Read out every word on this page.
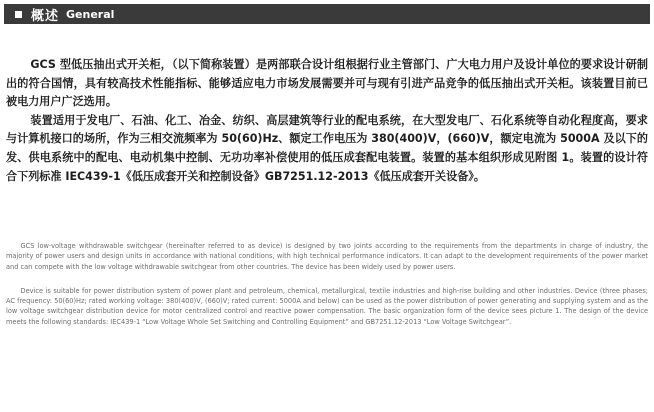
概述 General

GCS 型低压抽出式开关柜，（以下简称装置）是两部联合设计组根据行业主管部门、广大电力用户及设计单位的要求设计研制出的符合国情，具有较高技术性能指标、能够适应电力市场发展需要并可与现有引进产品竞争的低压抽出式开关柜。该装置目前已被电力用户广泛选用。

装置适用于发电厂、石油、化工、冶金、纺织、高层建筑等行业的配电系统，在大型发电厂、石化系统等自动化程度高，要求与计算机接口的场所，作为三相交流频率为 50(60)Hz、额定工作电压为 380(400)V，(660)V，额定电流为 5000A 及以下的发、供电系统中的配电、电动机集中控制、无功功率补偿使用的低压成套配电装置。装置的基本组织形成见附图 1。装置的设计符合下列标准 IEC439-1《低压成套开关和控制设备》GB7251.12-2013《低压成套开关设备》。

GCS low-voltage withdrawable switchgear (hereinafter referred to as device) is designed by two joints according to the requirements from the departments in charge of industry, the majority of power users and design units in accordance with national conditions, with high technical performance indicators. It can adapt to the development requirements of the power market and can compete with the low voltage withdrawable switchgear from other countries. The device has been widely used by power users.

Device is suitable for power distribution system of power plant and petroleum, chemical, metallurgical, textile industries and high-rise building and other industries. Device (three phases; AC frequency: 50(60)Hz; rated working voltage: 380(400)V, (660)V; rated current: 5000A and below) can be used as the power distribution of power generating and supplying system and as the low voltage switchgear distribution device for motor centralized control and reactive power compensation. The basic organization form of the device sees picture 1. The design of the device meets the following standards: IEC439-1 “Low Voltage Whole Set Switching and Controlling Equipment” and GB7251.12-2013 “Low Voltage Switchgear”.
